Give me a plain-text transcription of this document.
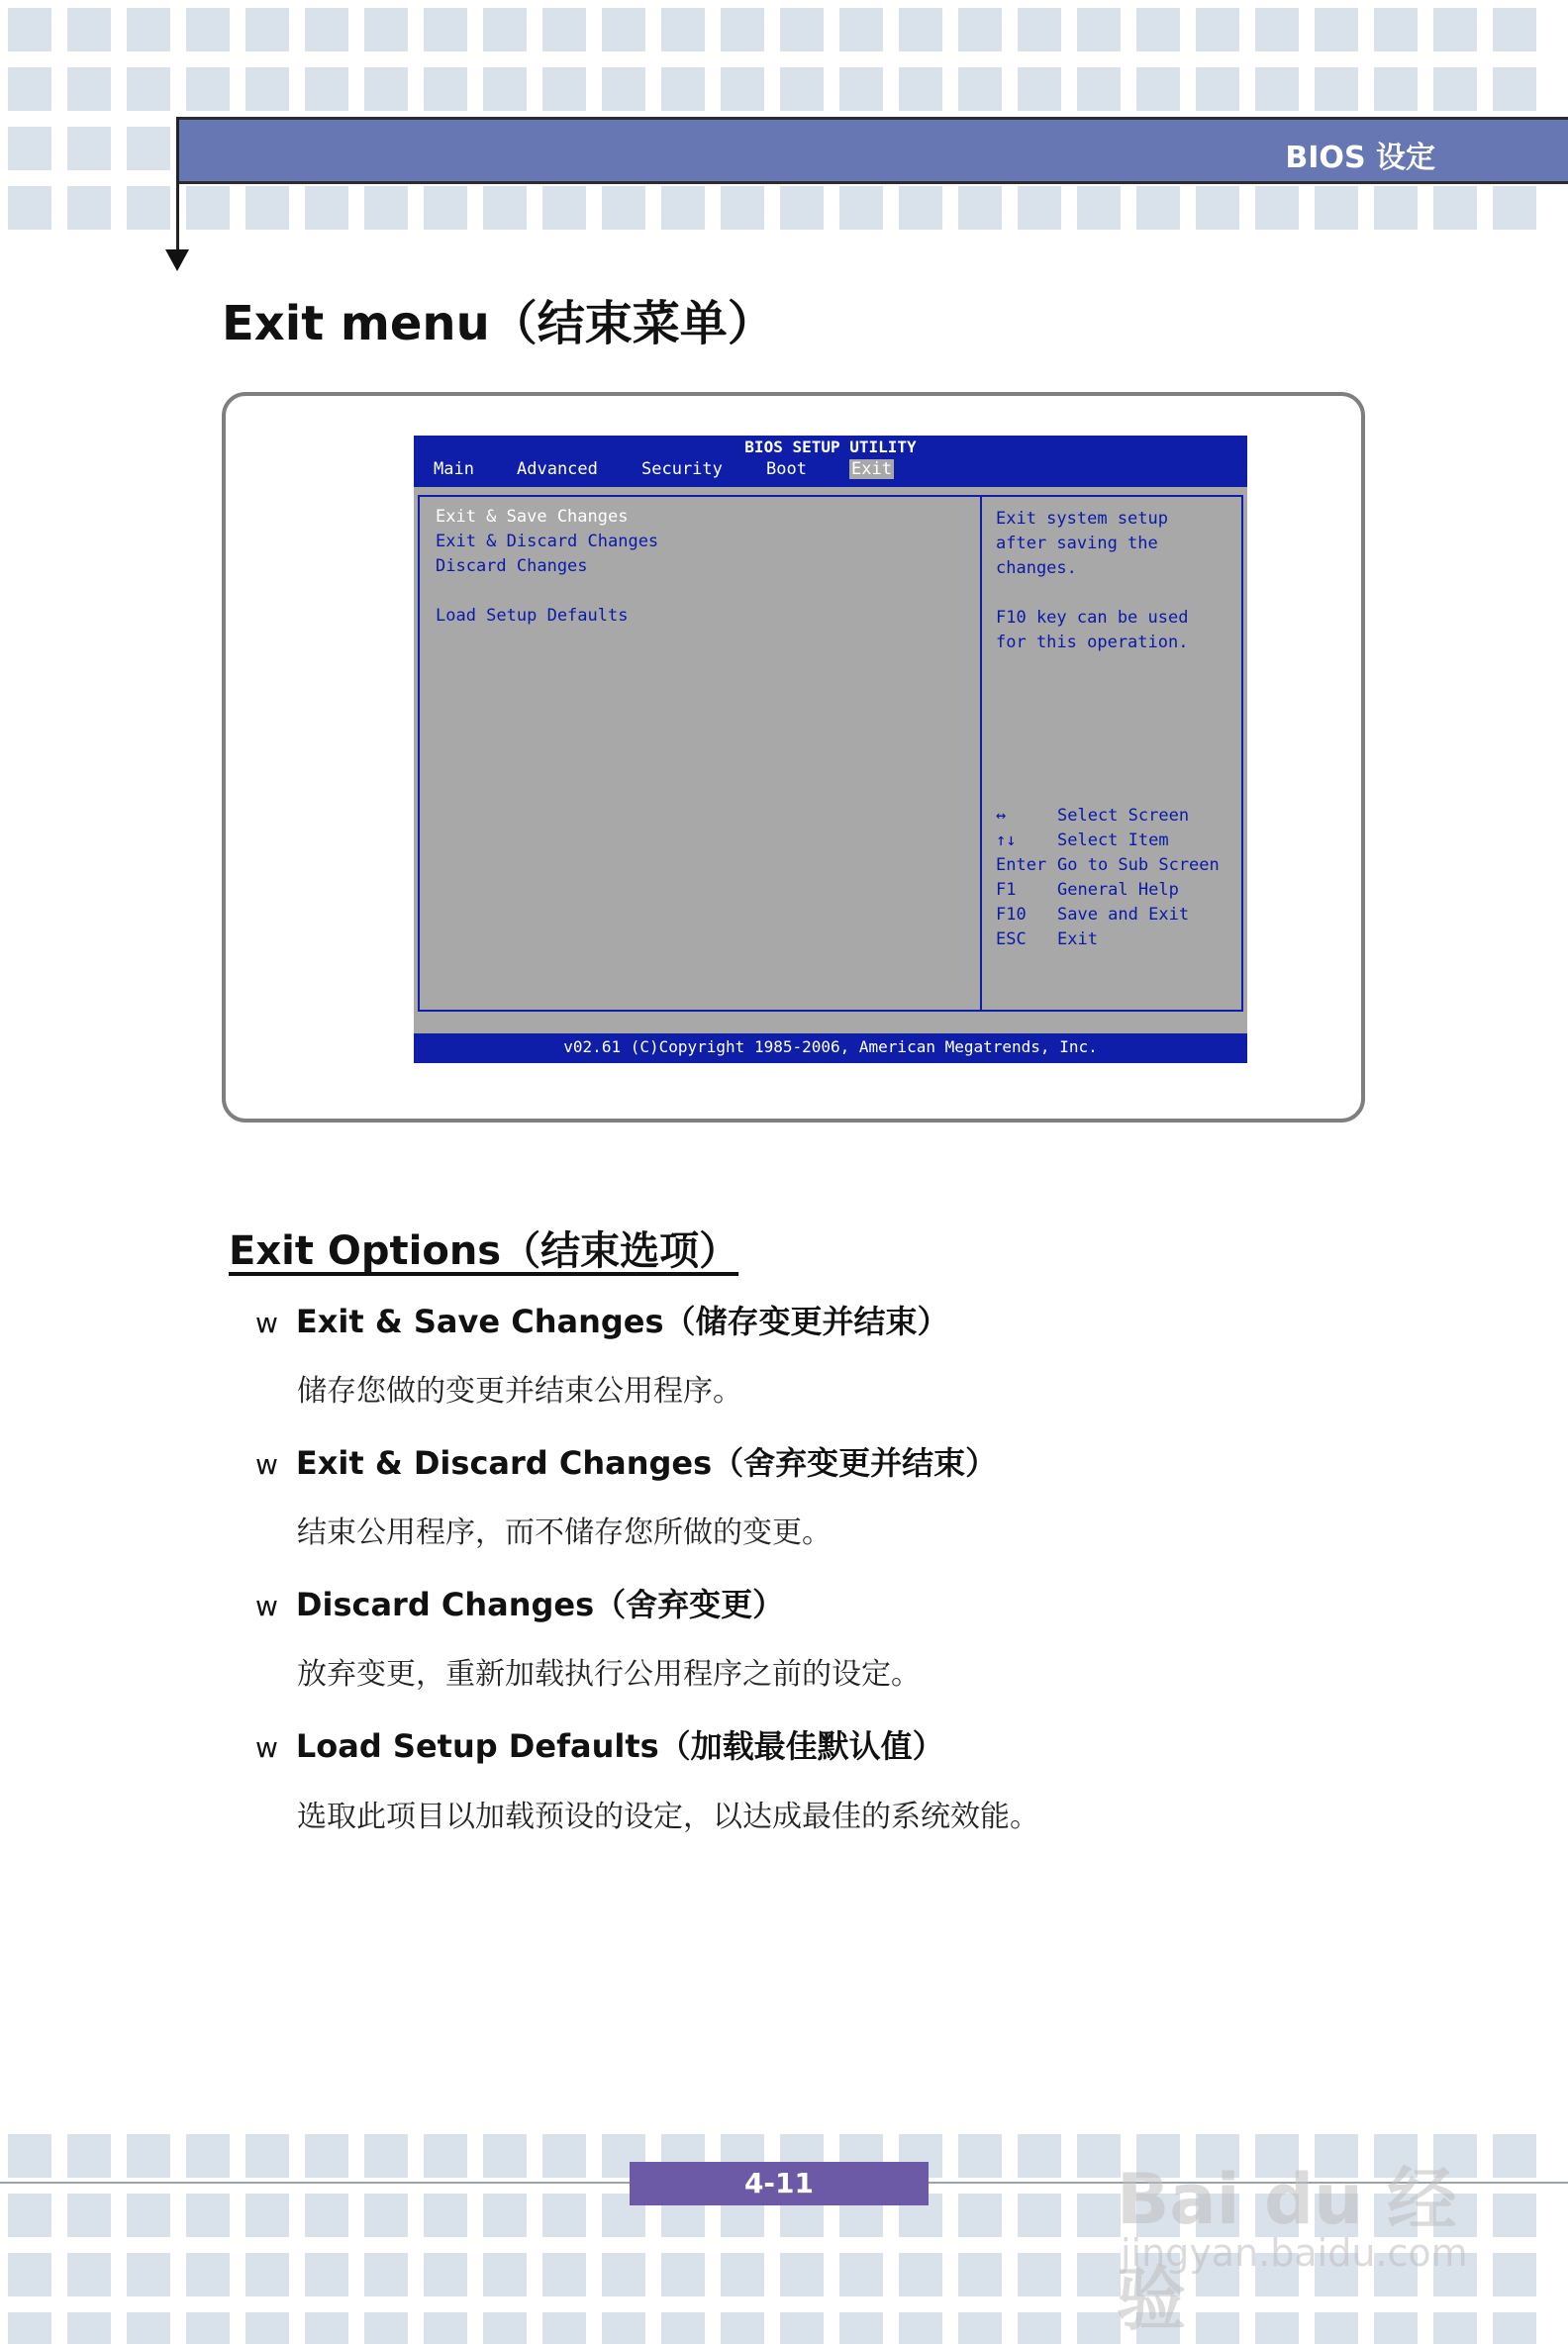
BIOS 设定
Exit menu（结束菜单）
BIOS SETUP UTILITY
Main	Advanced	Security	Boot	Exit
Exit & Save Changes
Exit & Discard Changes
Discard Changes
Load Setup Defaults
Exit system setup
after saving the
changes.
F10 key can be used
for this operation.
↔	Select Screen
↑↓ Select Item
Enter Go to Sub Screen
F1 General Help
F10 Save and Exit
ESC Exit
v02.61 (C)Copyright 1985-2006, American Megatrends, Inc.
Exit Options（结束选项）
w Exit & Save Changes（储存变更并结束）
储存您做的变更并结束公用程序。
w Exit & Discard Changes（舍弃变更并结束）
结束公用程序，而不储存您所做的变更。
w Discard Changes（舍弃变更）
放弃变更，重新加载执行公用程序之前的设定。
w Load Setup Defaults（加载最佳默认值）
选取此项目以加载预设的设定，以达成最佳的系统效能。
4-11	Bai du 经验
jingyan.baidu.com
